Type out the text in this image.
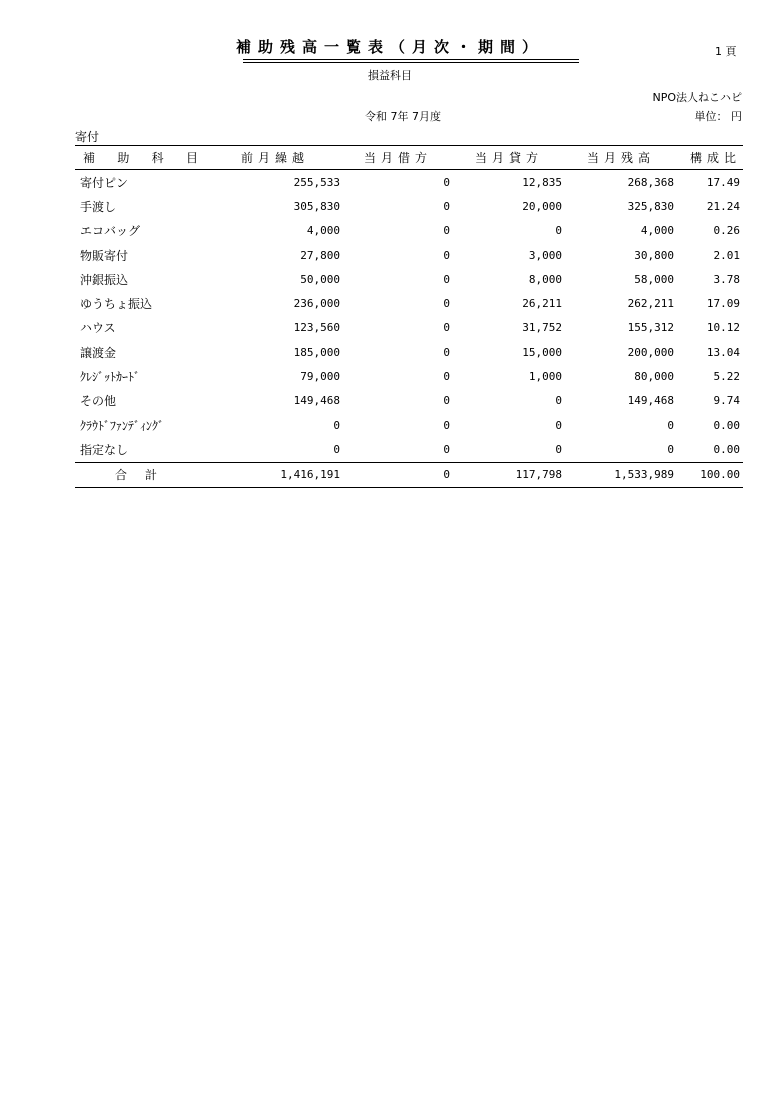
補助残高一覧表（月次・期間）	1 頁
損益科目
NPO法人ねこハピ
令和 7年 7月度	単位： 円
寄付
補 助 科 目	前月繰越	当月借方	当月貸方	当月残高	構成比
寄付ピン	255,533	0	12,835	268,368	17.49
手渡し	305,830	0	20,000	325,830	21.24
エコバッグ	4,000	0	0	4,000	0.26
物販寄付	27,800	0	3,000	30,800	2.01
沖銀振込	50,000	0	8,000	58,000	3.78
ゆうちょ振込	236,000	0	26,211	262,211	17.09
ハウス	123,560	0	31,752	155,312	10.12
譲渡金	185,000	0	15,000	200,000	13.04
ｸﾚｼﾞｯﾄｶｰﾄﾞ	79,000	0	1,000	80,000	5.22
その他	149,468	0	0	149,468	9.74
ｸﾗｳﾄﾞﾌｧﾝﾃﾞｨﾝｸﾞ	0	0	0	0	0.00
指定なし	0	0	0	0	0.00

合 計	1,416,191	0	117,798	1,533,989	100.00
